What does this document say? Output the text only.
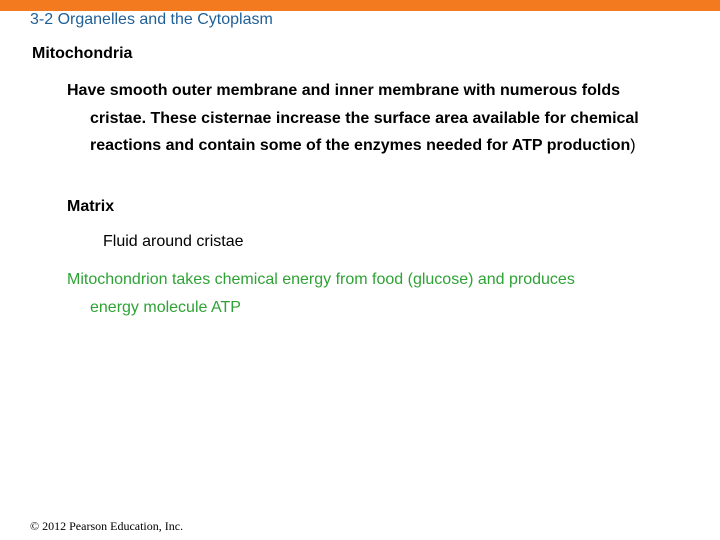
3-2 Organelles and the Cytoplasm
Mitochondria
Have smooth outer membrane and inner membrane with numerous folds
cristae. These cisternae increase the surface area available for chemical reactions and contain some of the enzymes needed for ATP production)
Matrix
Fluid around cristae
Mitochondrion takes chemical energy from food (glucose) and produces
energy molecule ATP
© 2012 Pearson Education, Inc.
